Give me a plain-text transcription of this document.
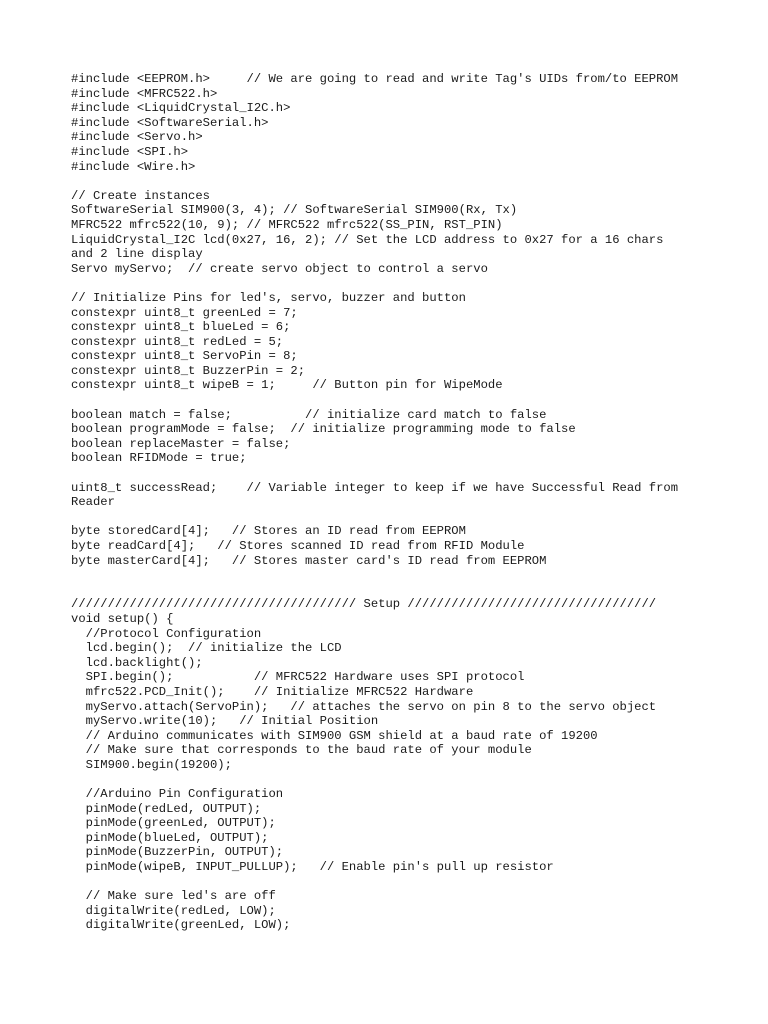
#include <EEPROM.h>     // We are going to read and write Tag's UIDs from/to EEPROM
#include <MFRC522.h>
#include <LiquidCrystal_I2C.h>
#include <SoftwareSerial.h>
#include <Servo.h>
#include <SPI.h>
#include <Wire.h>
// Create instances
SoftwareSerial SIM900(3, 4); // SoftwareSerial SIM900(Rx, Tx)
MFRC522 mfrc522(10, 9); // MFRC522 mfrc522(SS_PIN, RST_PIN)
LiquidCrystal_I2C lcd(0x27, 16, 2); // Set the LCD address to 0x27 for a 16 chars
and 2 line display
Servo myServo;  // create servo object to control a servo
// Initialize Pins for led's, servo, buzzer and button
constexpr uint8_t greenLed = 7;
constexpr uint8_t blueLed = 6;
constexpr uint8_t redLed = 5;
constexpr uint8_t ServoPin = 8;
constexpr uint8_t BuzzerPin = 2;
constexpr uint8_t wipeB = 1;     // Button pin for WipeMode
boolean match = false;          // initialize card match to false
boolean programMode = false;  // initialize programming mode to false
boolean replaceMaster = false;
boolean RFIDMode = true;
uint8_t successRead;    // Variable integer to keep if we have Successful Read from
Reader
byte storedCard[4];   // Stores an ID read from EEPROM
byte readCard[4];   // Stores scanned ID read from RFID Module
byte masterCard[4];   // Stores master card's ID read from EEPROM
/////////////////////////////////////// Setup //////////////////////////////////
void setup() {
//Protocol Configuration
lcd.begin();  // initialize the LCD
lcd.backlight();
SPI.begin();           // MFRC522 Hardware uses SPI protocol
mfrc522.PCD_Init();    // Initialize MFRC522 Hardware
myServo.attach(ServoPin);   // attaches the servo on pin 8 to the servo object
myServo.write(10);   // Initial Position
// Arduino communicates with SIM900 GSM shield at a baud rate of 19200
// Make sure that corresponds to the baud rate of your module
SIM900.begin(19200);
//Arduino Pin Configuration
pinMode(redLed, OUTPUT);
pinMode(greenLed, OUTPUT);
pinMode(blueLed, OUTPUT);
pinMode(BuzzerPin, OUTPUT);
pinMode(wipeB, INPUT_PULLUP);   // Enable pin's pull up resistor
// Make sure led's are off
digitalWrite(redLed, LOW);
digitalWrite(greenLed, LOW);
